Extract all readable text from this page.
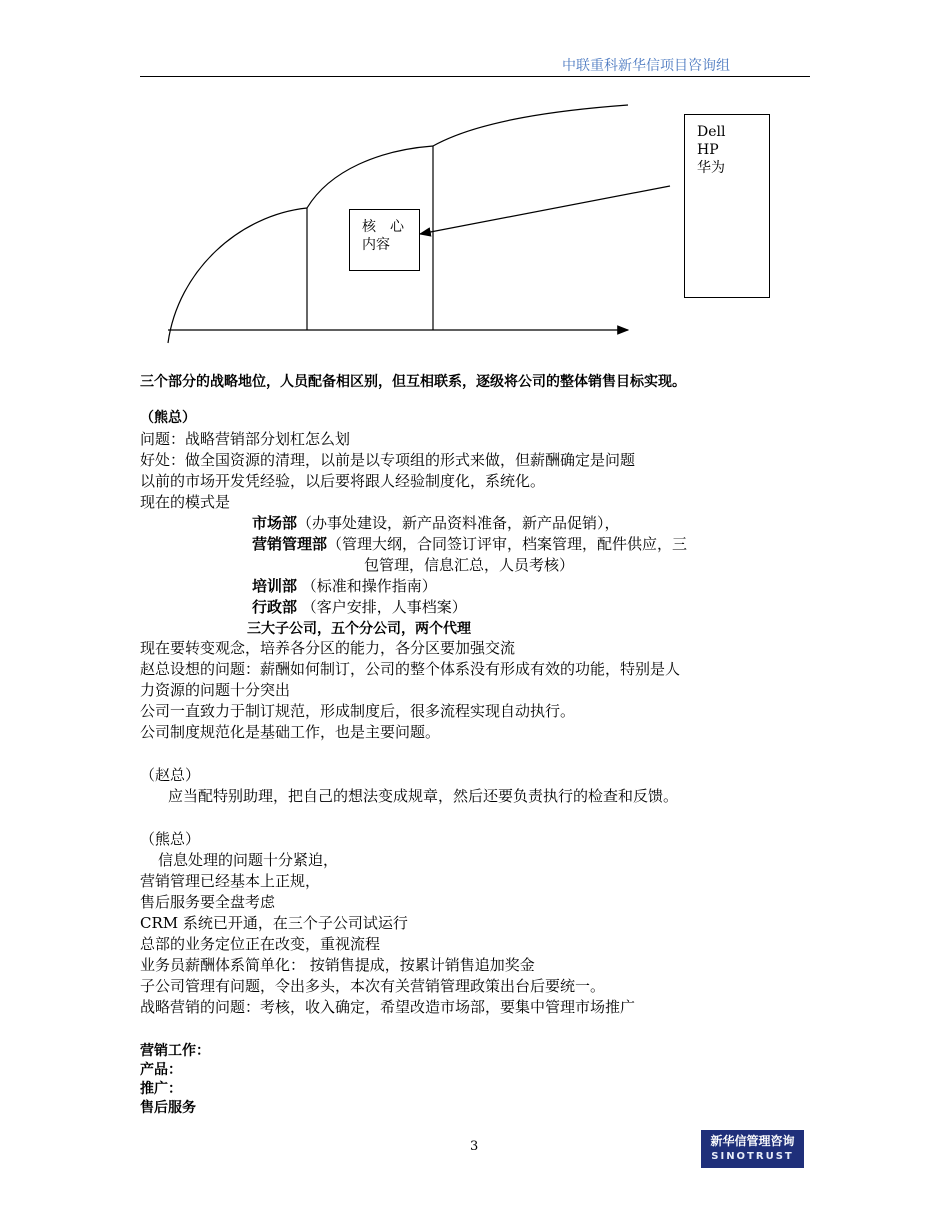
中联重科新华信项目咨询组
Dell
HP
华为
核　心
内容
三个部分的战略地位，人员配备相区别，但互相联系，逐级将公司的整体销售目标实现。
（熊总）
问题：战略营销部分划杠怎么划
好处：做全国资源的清理，以前是以专项组的形式来做，但薪酬确定是问题
以前的市场开发凭经验，以后要将跟人经验制度化，系统化。
现在的模式是
市场部（办事处建设，新产品资料准备，新产品促销），
营销管理部（管理大纲，合同签订评审，档案管理，配件供应，三
包管理，信息汇总，人员考核）
培训部 （标准和操作指南）
行政部 （客户安排，人事档案）
三大子公司，五个分公司，两个代理
现在要转变观念，培养各分区的能力，各分区要加强交流
赵总设想的问题：薪酬如何制订，公司的整个体系没有形成有效的功能，特别是人
力资源的问题十分突出
公司一直致力于制订规范，形成制度后，很多流程实现自动执行。
公司制度规范化是基础工作，也是主要问题。
（赵总）
应当配特别助理，把自己的想法变成规章，然后还要负责执行的检查和反馈。
（熊总）
信息处理的问题十分紧迫，
营销管理已经基本上正规，
售后服务要全盘考虑
CRM 系统已开通，在三个子公司试运行
总部的业务定位正在改变，重视流程
业务员薪酬体系简单化： 按销售提成，按累计销售追加奖金
子公司管理有问题，令出多头，本次有关营销管理政策出台后要统一。
战略营销的问题：考核，收入确定，希望改造市场部，要集中管理市场推广
营销工作：
产品：
推广：
售后服务
3	新华信管理咨询
SINOTRUST
